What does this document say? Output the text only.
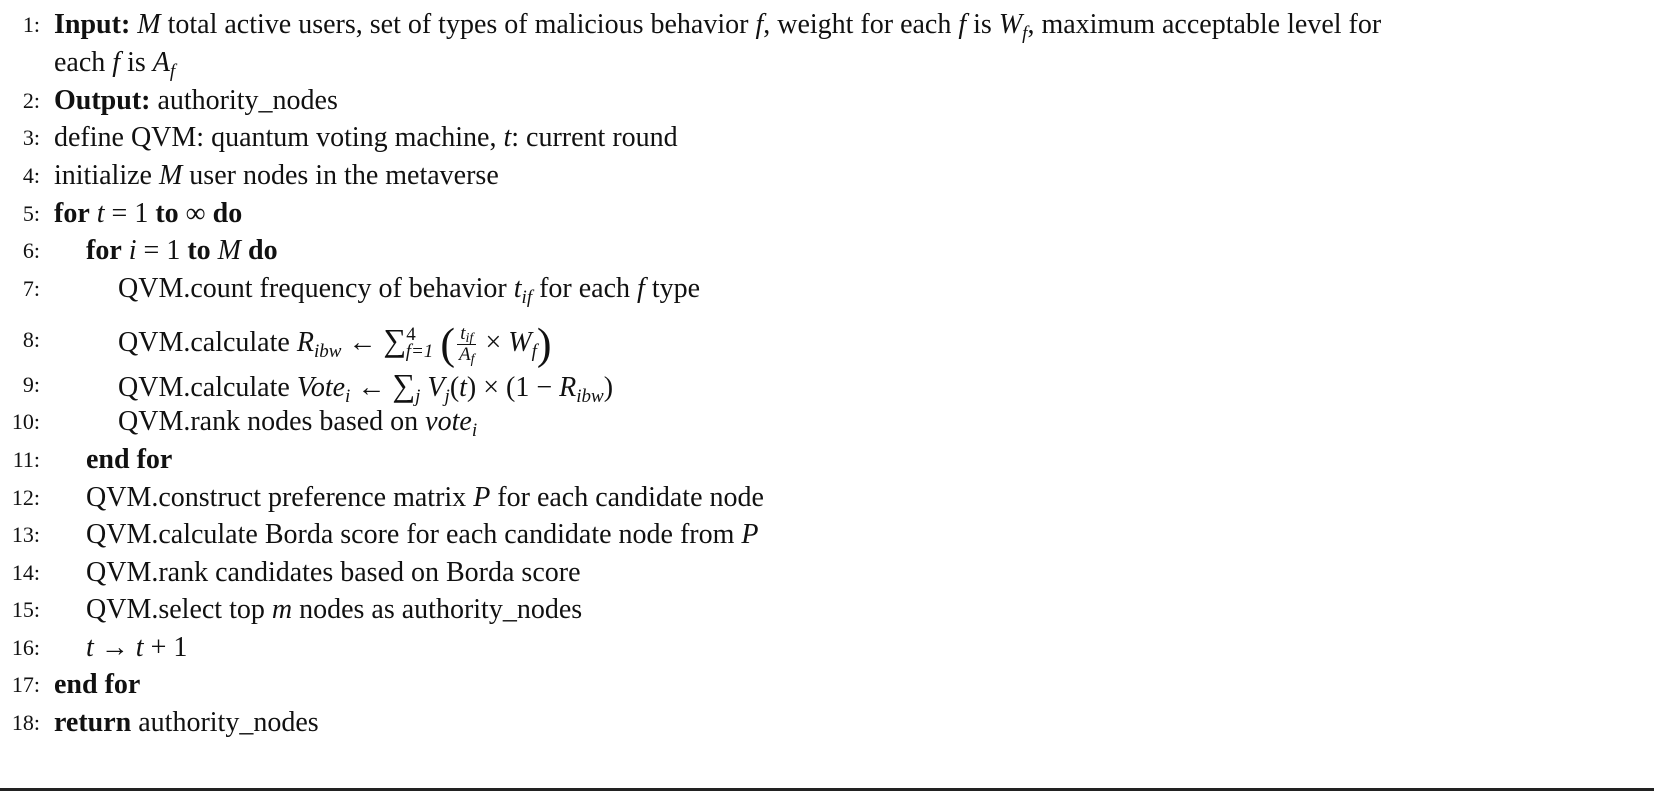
1: Input: M total active users, set of types of malicious behavior f, weight for each f is $W_f$, maximum acceptable level for
each f is $A_f$
2: Output: authority_nodes
3: define QVM: quantum voting machine, t: current round
4: initialize M user nodes in the metaverse
5: for t = 1 to ∞ do
6: for i = 1 to M do
7:	QVM.count frequency of behavior $t_{if}$ for each f type
8:	QVM.calculate $R_{ibw}$ ← ∑$^4_{f=1}$ ( $\frac{t_{if}}{A_f} \times W_f$)
9:	QVM.calculate Vote$_i$ ← $\sum_j$ $V_j(t) \times (1 - R_{ibw})$
10:	QVM.rank nodes based on vote$_i$
11: end for
12: QVM.construct preference matrix P for each candidate node
13: QVM.calculate Borda score for each candidate node from P
14: QVM.rank candidates based on Borda score
15: QVM.select top m nodes as authority_nodes
16: t → t + 1
17: end for
18: return authority_nodes
